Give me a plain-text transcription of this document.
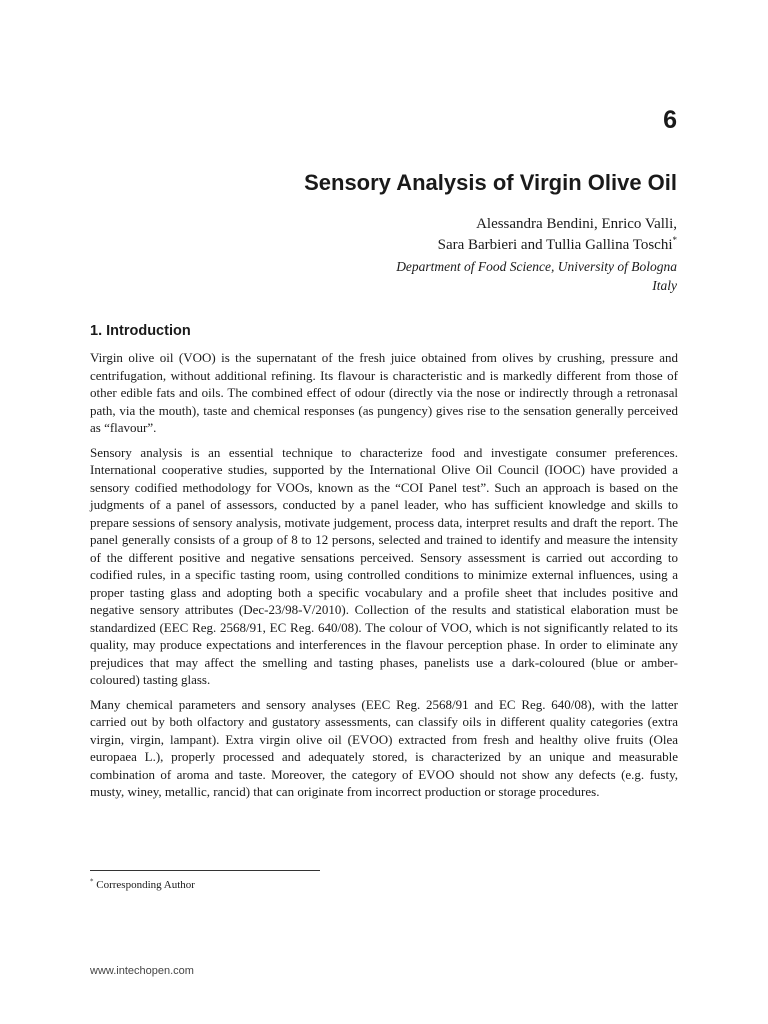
6
Sensory Analysis of Virgin Olive Oil
Alessandra Bendini, Enrico Valli,
Sara Barbieri and Tullia Gallina Toschi*
Department of Food Science, University of Bologna
Italy
1. Introduction

Virgin olive oil (VOO) is the supernatant of the fresh juice obtained from olives by crushing, pressure and centrifugation, without additional refining. Its flavour is characteristic and is markedly different from those of other edible fats and oils. The combined effect of odour (directly via the nose or indirectly through a retronasal path, via the mouth), taste and chemical responses (as pungency) gives rise to the sensation generally perceived as “flavour”.

Sensory analysis is an essential technique to characterize food and investigate consumer preferences. International cooperative studies, supported by the International Olive Oil Council (IOOC) have provided a sensory codified methodology for VOOs, known as the “COI Panel test”. Such an approach is based on the judgments of a panel of assessors, conducted by a panel leader, who has sufficient knowledge and skills to prepare sessions of sensory analysis, motivate judgement, process data, interpret results and draft the report. The panel generally consists of a group of 8 to 12 persons, selected and trained to identify and measure the intensity of the different positive and negative sensations perceived. Sensory assessment is carried out according to codified rules, in a specific tasting room, using controlled conditions to minimize external influences, using a proper tasting glass and adopting both a specific vocabulary and a profile sheet that includes positive and negative sensory attributes (Dec-23/98-V/2010). Collection of the results and statistical elaboration must be standardized (EEC Reg. 2568/91, EC Reg. 640/08). The colour of VOO, which is not significantly related to its quality, may produce expectations and interferences in the flavour perception phase. In order to eliminate any prejudices that may affect the smelling and tasting phases, panelists use a dark-coloured (blue or amber-coloured) tasting glass.

Many chemical parameters and sensory analyses (EEC Reg. 2568/91 and EC Reg. 640/08), with the latter carried out by both olfactory and gustatory assessments, can classify oils in different quality categories (extra virgin, virgin, lampant). Extra virgin olive oil (EVOO) extracted from fresh and healthy olive fruits (Olea europaea L.), properly processed and adequately stored, is characterized by an unique and measurable combination of aroma and taste. Moreover, the category of EVOO should not show any defects (e.g. fusty, musty, winey, metallic, rancid) that can originate from incorrect production or storage procedures.

* Corresponding Author
www.intechopen.com
